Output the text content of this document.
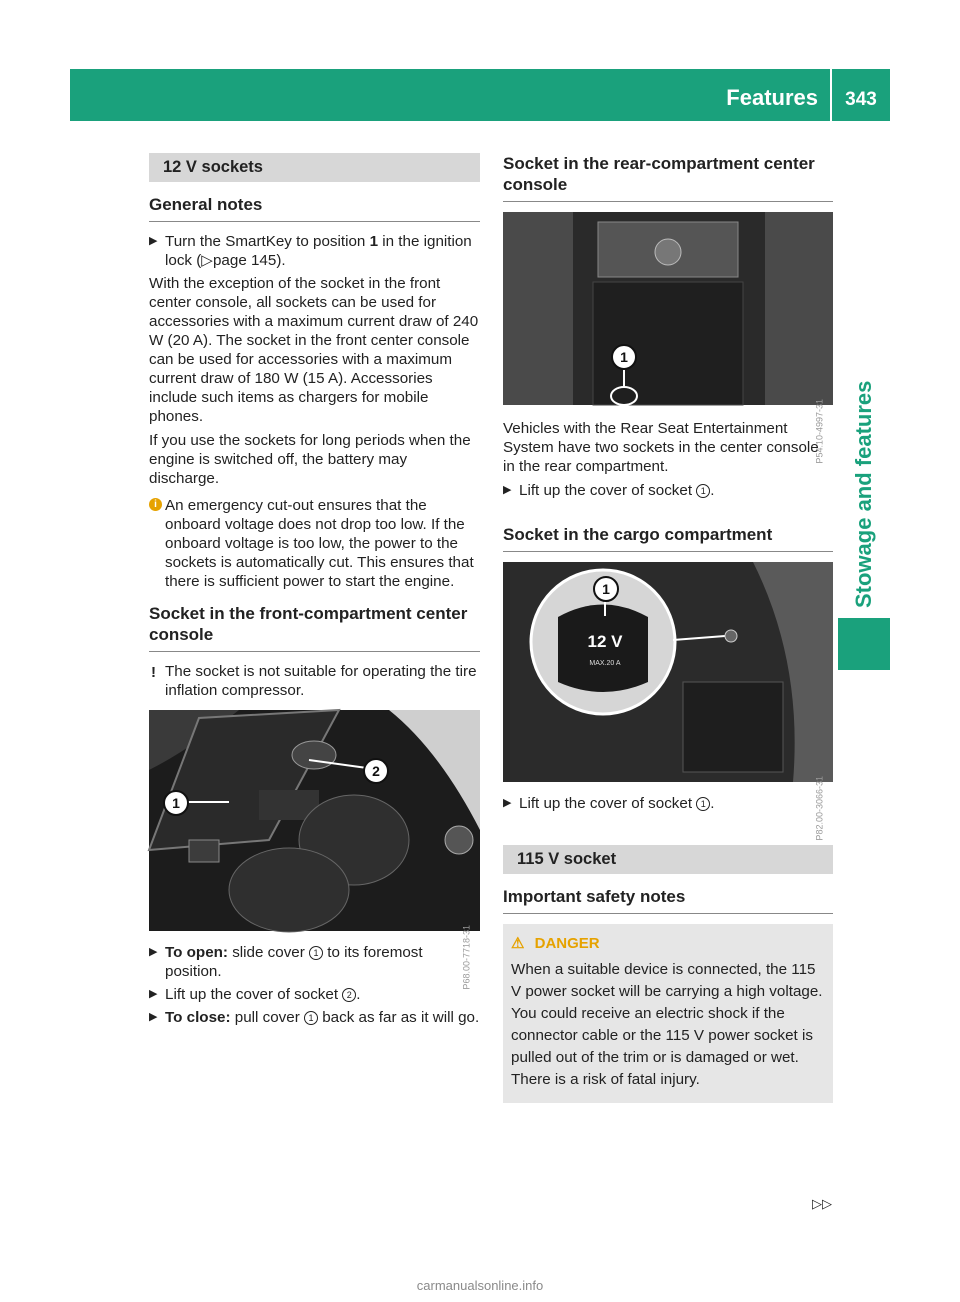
Features	343
Stowage and features
12 V sockets
General notes
▶ Turn the SmartKey to position 1 in the ignition lock (▷page 145).

With the exception of the socket in the front center console, all sockets can be used for accessories with a maximum current draw of 240 W (20 A). The socket in the front center console can be used for accessories with a maximum current draw of 180 W (15 A). Accessories include such items as chargers for mobile phones.

If you use the sockets for long periods when the engine is switched off, the battery may discharge.

i An emergency cut-out ensures that the onboard voltage does not drop too low. If the onboard voltage is too low, the power to the sockets is automatically cut. This ensures that there is sufficient power to start the engine.
Socket in the front-compartment center console
! The socket is not suitable for operating the tire inflation compressor.
1
2
P68.00-7718-31
▶ To open: slide cover 1 to its foremost position.
▶ Lift up the cover of socket 2 .
▶ To close: pull cover 1 back as far as it will go.
Socket in the rear-compartment center console
1
P54.10-4997-31

Vehicles with the Rear Seat Entertainment System have two sockets in the center console in the rear compartment.

▶ Lift up the cover of socket 1 .
Socket in the cargo compartment
1
12 V
MAX.20 A
P82.00-3066-31
▶ Lift up the cover of socket 1 .
115 V socket
Important safety notes
⚠ DANGER
When a suitable device is connected, the 115 V power socket will be carrying a high voltage. You could receive an electric shock if the connector cable or the 115 V power socket is pulled out of the trim or is damaged or wet. There is a risk of fatal injury.
▷▷
carmanualsonline.info
